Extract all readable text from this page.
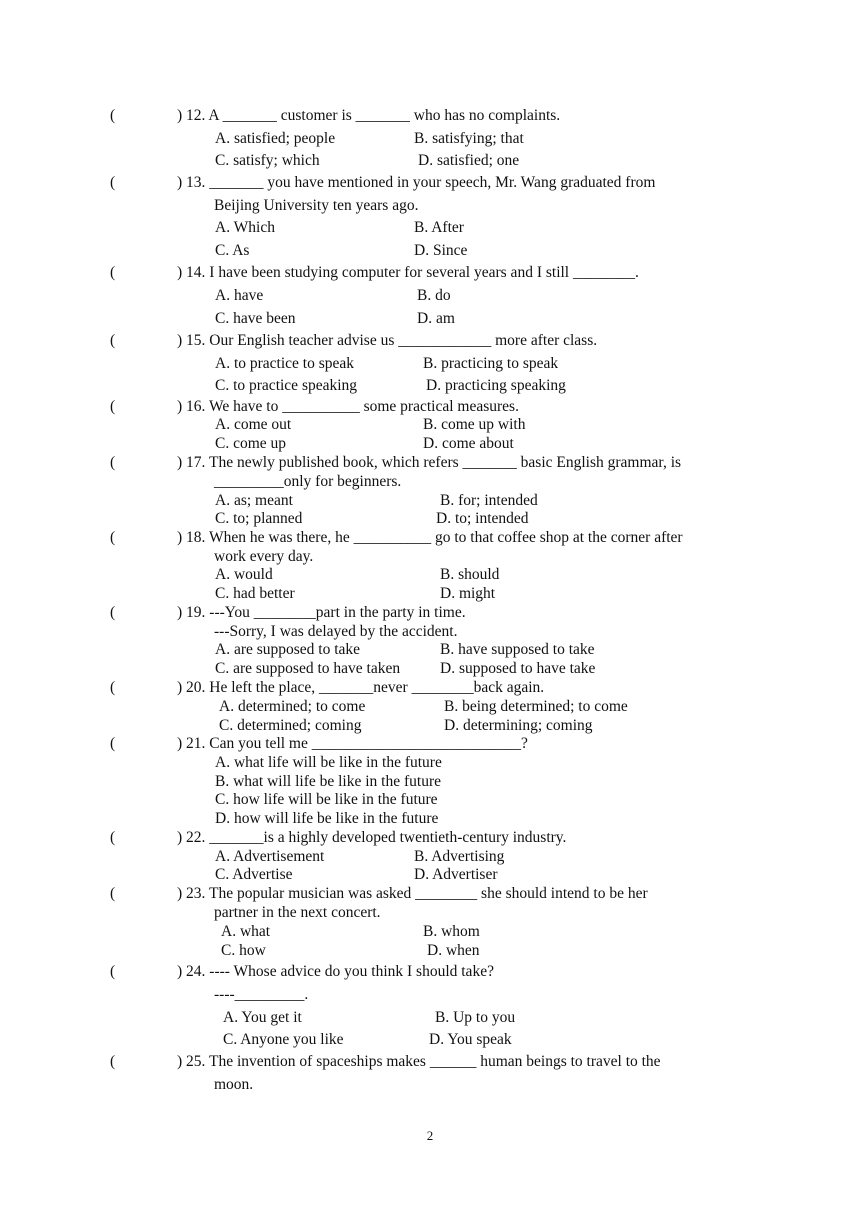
(	) 12. A _______ customer is _______ who has no complaints.
A. satisfied; people	B. satisfying; that
C. satisfy; which	D. satisfied; one
(	) 13. _______ you have mentioned in your speech, Mr. Wang graduated from
Beijing University ten years ago.
A. Which	B. After
C. As	D. Since
(	) 14. I have been studying computer for several years and I still ________.
A. have	B. do
C. have been	D. am
(	) 15. Our English teacher advise us ____________ more after class.
A. to practice to speak	B. practicing to speak
C. to practice speaking	D. practicing speaking
(	) 16. We have to __________ some practical measures.
A. come out	B. come up with
C. come up	D. come about
(	) 17. The newly published book, which refers _______ basic English grammar, is
_________only for beginners.
A. as; meant	B. for; intended
C. to; planned	D. to; intended
(	) 18. When he was there, he __________ go to that coffee shop at the corner after
work every day.
A. would	B. should
C. had better	D. might
(	) 19. ---You ________part in the party in time.
---Sorry, I was delayed by the accident.
A. are supposed to take	B. have supposed to take
C. are supposed to have taken	D. supposed to have take
(	) 20. He left the place, _______never ________back again.
A. determined; to come	B. being determined; to come
C. determined; coming	D. determining; coming
(	) 21. Can you tell me ___________________________?
A. what life will be like in the future
B. what will life be like in the future
C. how life will be like in the future
D. how will life be like in the future
(	) 22. _______is a highly developed twentieth-century industry.
A. Advertisement	B. Advertising
C. Advertise	D. Advertiser
(	) 23. The popular musician was asked ________ she should intend to be her
partner in the next concert.
A. what	B. whom
C. how	D. when
(	) 24. ---- Whose advice do you think I should take?
----_________.
A. You get it	B. Up to you
C. Anyone you like	D. You speak
(	) 25. The invention of spaceships makes ______ human beings to travel to the
moon.
2
